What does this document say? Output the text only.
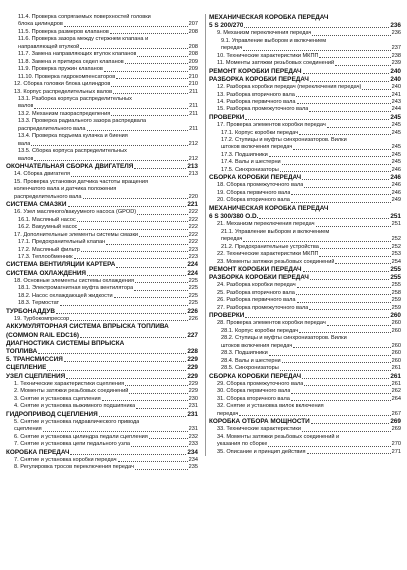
11.4. Проверка сопрягаемых поверхностей головки
блока цилиндров	207
11.5. Проверка размеров клапанов	208
11.6. Проверка зазора между стержнем клапана и
направляющей втулкой	208
11.7. Замена направляющих втулок клапанов	208
11.8. Замена и притирка седел клапанов	209
11.9. Проверка пружин клапанов	209
11.10. Проверка гидрокомпенсаторов	210
12. Сборка головки блока цилиндров	210
13. Корпус распределительных валов	211
13.1. Разборка корпуса распределительных
валов	211
13.2. Механизм газораспределения	211
13.3. Проверка радиального зазора распредвала
распределительного вала	211
13.4. Проверка подъема кулачка и биения
вала	212
13.5. Сборка корпуса распределительных
валов	212
ОКОНЧАТЕЛЬНАЯ СБОРКА ДВИГАТЕЛЯ	213
14. Сборка двигателя	213
15. Проверка установки датчика частоты вращения
коленчатого вала и датчика положения
распределительного вала	220
СИСТЕМА СМАЗКИ	221
16. Узел масляного/вакуумного насоса (GPOD)	222
16.1. Масляный насос	222
16.2. Вакуумный насос	222
17. Дополнительные элементы системы смазки	222
17.1. Предохранительный клапан	222
17.2. Масляный фильтр	223
17.3. Теплообменник	223
СИСТЕМА ВЕНТИЛЯЦИИ КАРТЕРА	224
СИСТЕМА ОХЛАЖДЕНИЯ	224
18. Основные элементы системы охлаждения	225
18.1. Электромагнитная муфта вентилятора	225
18.2. Насос охлаждающей жидкости	225
18.3. Термостат	225
ТУРБОНАДДУВ	226
19. Турбокомпрессор	226
АККУМУЛЯТОРНАЯ СИСТЕМА ВПРЫСКА ТОПЛИВА
(COMMON RAIL EDC16)	227
ДИАГНОСТИКА СИСТЕМЫ ВПРЫСКА
ТОПЛИВА	228
5. ТРАНСМИССИЯ	229
СЦЕПЛЕНИЕ	229
УЗЕЛ СЦЕПЛЕНИЯ	229
1. Технические характеристики сцепления	229
2. Моменты затяжки резьбовых соединений	229
3. Снятие и установка сцепления	230
4. Снятие и установка выжимного подшипника	231
ГИДРОПРИВОД СЦЕПЛЕНИЯ	231
5. Снятие и установка гидравлического привода
сцепления	231
6. Снятие и установка цилиндра педали сцепления	232
7. Снятие и установка цепи педального узла	233
КОРОБКА ПЕРЕДАЧ	234
7. Снятие и установка коробки передач	234
8. Регулировка тросов переключения передач	235
МЕХАНИЧЕСКАЯ КОРОБКА ПЕРЕДАЧ
5 S 200/270	236
9. Механизм переключения передач	236
9.1. Управление выбором и включением
передач	237
10. Технические характеристики МКПП	238
11. Моменты затяжки резьбовых соединений	239
РЕМОНТ КОРОБКИ ПЕРЕДАЧ	240
РАЗБОРКА КОРОБКИ ПЕРЕДАЧ	240
12. Разборка коробки передач (переключения передач)	240
13. Разборка вторичного вала	241
14. Разборка первичного вала	243
15. Разборка промежуточного вала	244
ПРОВЕРКИ	245
17. Проверка элементов коробки передач	245
17.1. Корпус коробки передач	245
17.2. Ступицы и муфты синхронизаторов. Вилки
штоков включения передач	245
17.3. Подшипники	245
17.4. Валы и шестерни	245
17.5. Синхронизаторы	246
СБОРКА КОРОБКИ ПЕРЕДАЧ	246
18. Сборка промежуточного вала	246
19. Сборка первичного вала	246
20. Сборка вторичного вала	249
МЕХАНИЧЕСКАЯ КОРОБКА ПЕРЕДАЧ
6 S 300/380 O.D.	251
21. Механизм переключения передач	251
21.1. Управление выбором и включением
передач	252
21.2. Предохранительные устройства	252
22. Технические характеристики МКПП	253
23. Моменты затяжки резьбовых соединений	254
РЕМОНТ КОРОБКИ ПЕРЕДАЧ	255
РАЗБОРКА КОРОБКИ ПЕРЕДАЧ	255
24. Разборка коробки передач	255
25. Разборка вторичного вала	258
26. Разборка первичного вала	259
27. Разборка промежуточного вала	259
ПРОВЕРКИ	260
28. Проверка элементов коробки передач	260
28.1. Корпус коробки передач	260
28.2. Ступицы и муфты синхронизаторов. Вилки
штоков включения передач	260
28.3. Подшипники	260
28.4. Валы и шестерни	260
28.5. Синхронизаторы	261
СБОРКА КОРОБКИ ПЕРЕДАЧ	261
29. Сборка промежуточного вала	261
30. Сборка первичного вала	262
31. Сборка вторичного вала	264
32. Снятие и установка вилок включения
передач	267
КОРОБКА ОТБОРА МОЩНОСТИ	269
33. Технические характеристики	269
34. Моменты затяжки резьбовых соединений и
указания по сборке	270
35. Описание и принцип действия	271
